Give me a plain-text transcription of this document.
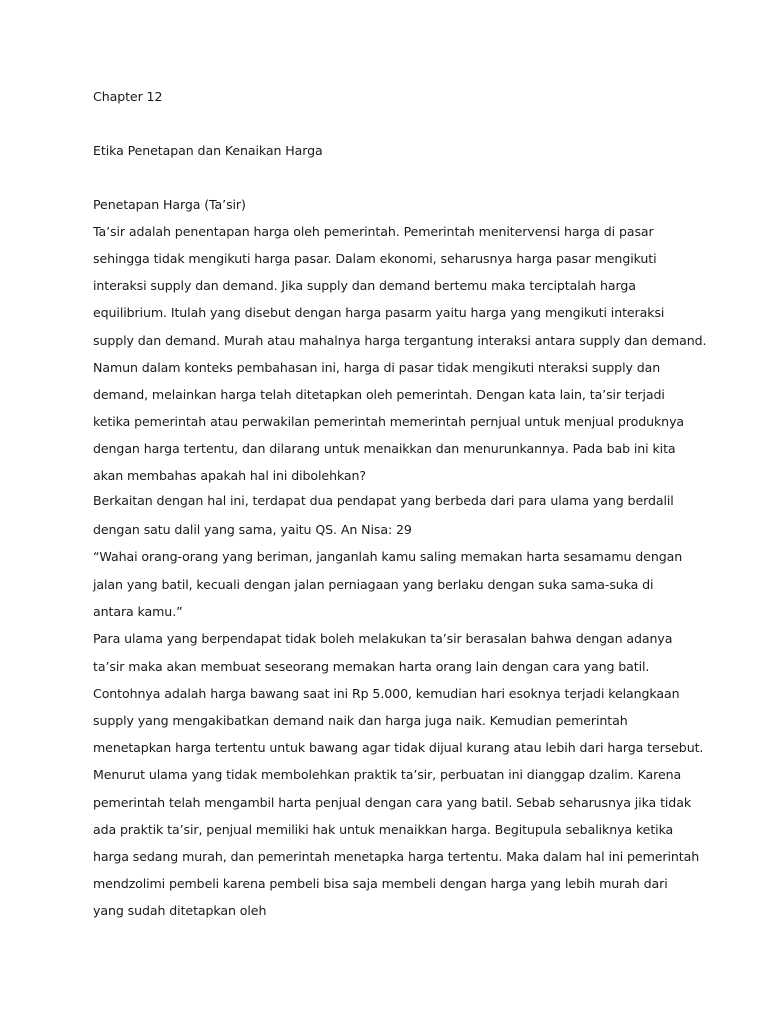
Chapter 12
Etika Penetapan dan Kenaikan Harga
Penetapan Harga (Ta’sir)
Ta’sir adalah penentapan harga oleh pemerintah. Pemerintah menitervensi harga di pasar
sehingga tidak mengikuti harga pasar. Dalam ekonomi, seharusnya harga pasar mengikuti
interaksi supply dan demand. Jika supply dan demand bertemu maka terciptalah harga
equilibrium. Itulah yang disebut dengan harga pasarm yaitu harga yang mengikuti interaksi
supply dan demand. Murah atau mahalnya harga tergantung interaksi antara supply dan demand.
Namun dalam konteks pembahasan ini, harga di pasar tidak mengikuti nteraksi supply dan
demand, melainkan harga telah ditetapkan oleh pemerintah. Dengan kata lain, ta’sir terjadi
ketika pemerintah atau perwakilan pemerintah memerintah pernjual untuk menjual produknya
dengan harga tertentu, dan dilarang untuk menaikkan dan menurunkannya. Pada bab ini kita
akan membahas apakah hal ini dibolehkan?
Berkaitan dengan hal ini, terdapat dua pendapat yang berbeda dari para ulama yang berdalil
dengan satu dalil yang sama, yaitu QS. An Nisa: 29
“Wahai orang-orang yang beriman, janganlah kamu saling memakan harta sesamamu dengan
jalan yang batil, kecuali dengan jalan perniagaan yang berlaku dengan suka sama-suka di
antara kamu.”
Para ulama yang berpendapat tidak boleh melakukan ta’sir berasalan bahwa dengan adanya
ta’sir maka akan membuat seseorang memakan harta orang lain dengan cara yang batil.
Contohnya adalah harga bawang saat ini Rp 5.000, kemudian hari esoknya terjadi kelangkaan
supply yang mengakibatkan demand naik dan harga juga naik. Kemudian pemerintah
menetapkan harga tertentu untuk bawang agar tidak dijual kurang atau lebih dari harga tersebut.
Menurut ulama yang tidak membolehkan praktik ta’sir, perbuatan ini dianggap dzalim. Karena
pemerintah telah mengambil harta penjual dengan cara yang batil. Sebab seharusnya jika tidak
ada praktik ta’sir, penjual memiliki hak untuk menaikkan harga. Begitupula sebaliknya ketika
harga sedang murah, dan pemerintah menetapka harga tertentu. Maka dalam hal ini pemerintah
mendzolimi pembeli karena pembeli bisa saja membeli dengan harga yang lebih murah dari
yang sudah ditetapkan oleh
